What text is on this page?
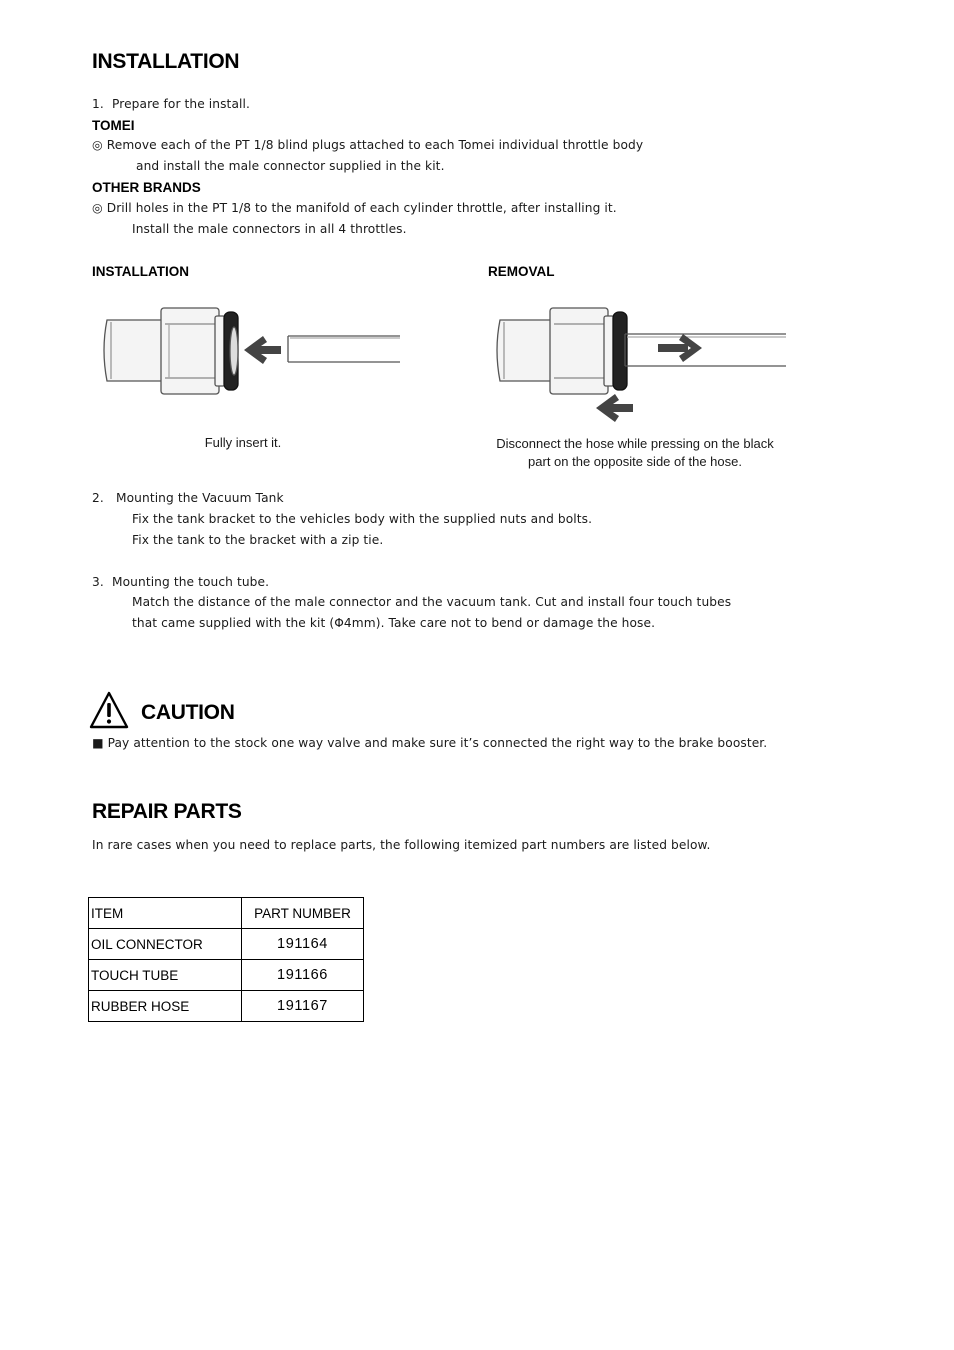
INSTALLATION
1. Prepare for the install.
TOMEI
◎ Remove each of the PT 1/8 blind plugs attached to each Tomei individual throttle body
and install the male connector supplied in the kit.
OTHER BRANDS
◎ Drill holes in the PT 1/8 to the manifold of each cylinder throttle, after installing it.
Install the male connectors in all 4 throttles.
INSTALLATION	REMOVAL
Fully insert it.	Disconnect the hose while pressing on the black
part on the opposite side of the hose.
2. Mounting the Vacuum Tank
Fix the tank bracket to the vehicles body with the supplied nuts and bolts.
Fix the tank to the bracket with a zip tie.
3. Mounting the touch tube.
Match the distance of the male connector and the vacuum tank. Cut and install four touch tubes
that came supplied with the kit (Φ4mm). Take care not to bend or damage the hose.
CAUTION
■ Pay attention to the stock one way valve and make sure it’s connected the right way to the brake booster.
REPAIR PARTS
In rare cases when you need to replace parts, the following itemized part numbers are listed below.
ITEM	PART NUMBER
OIL CONNECTOR	191164
TOUCH TUBE	191166
RUBBER HOSE	191167
